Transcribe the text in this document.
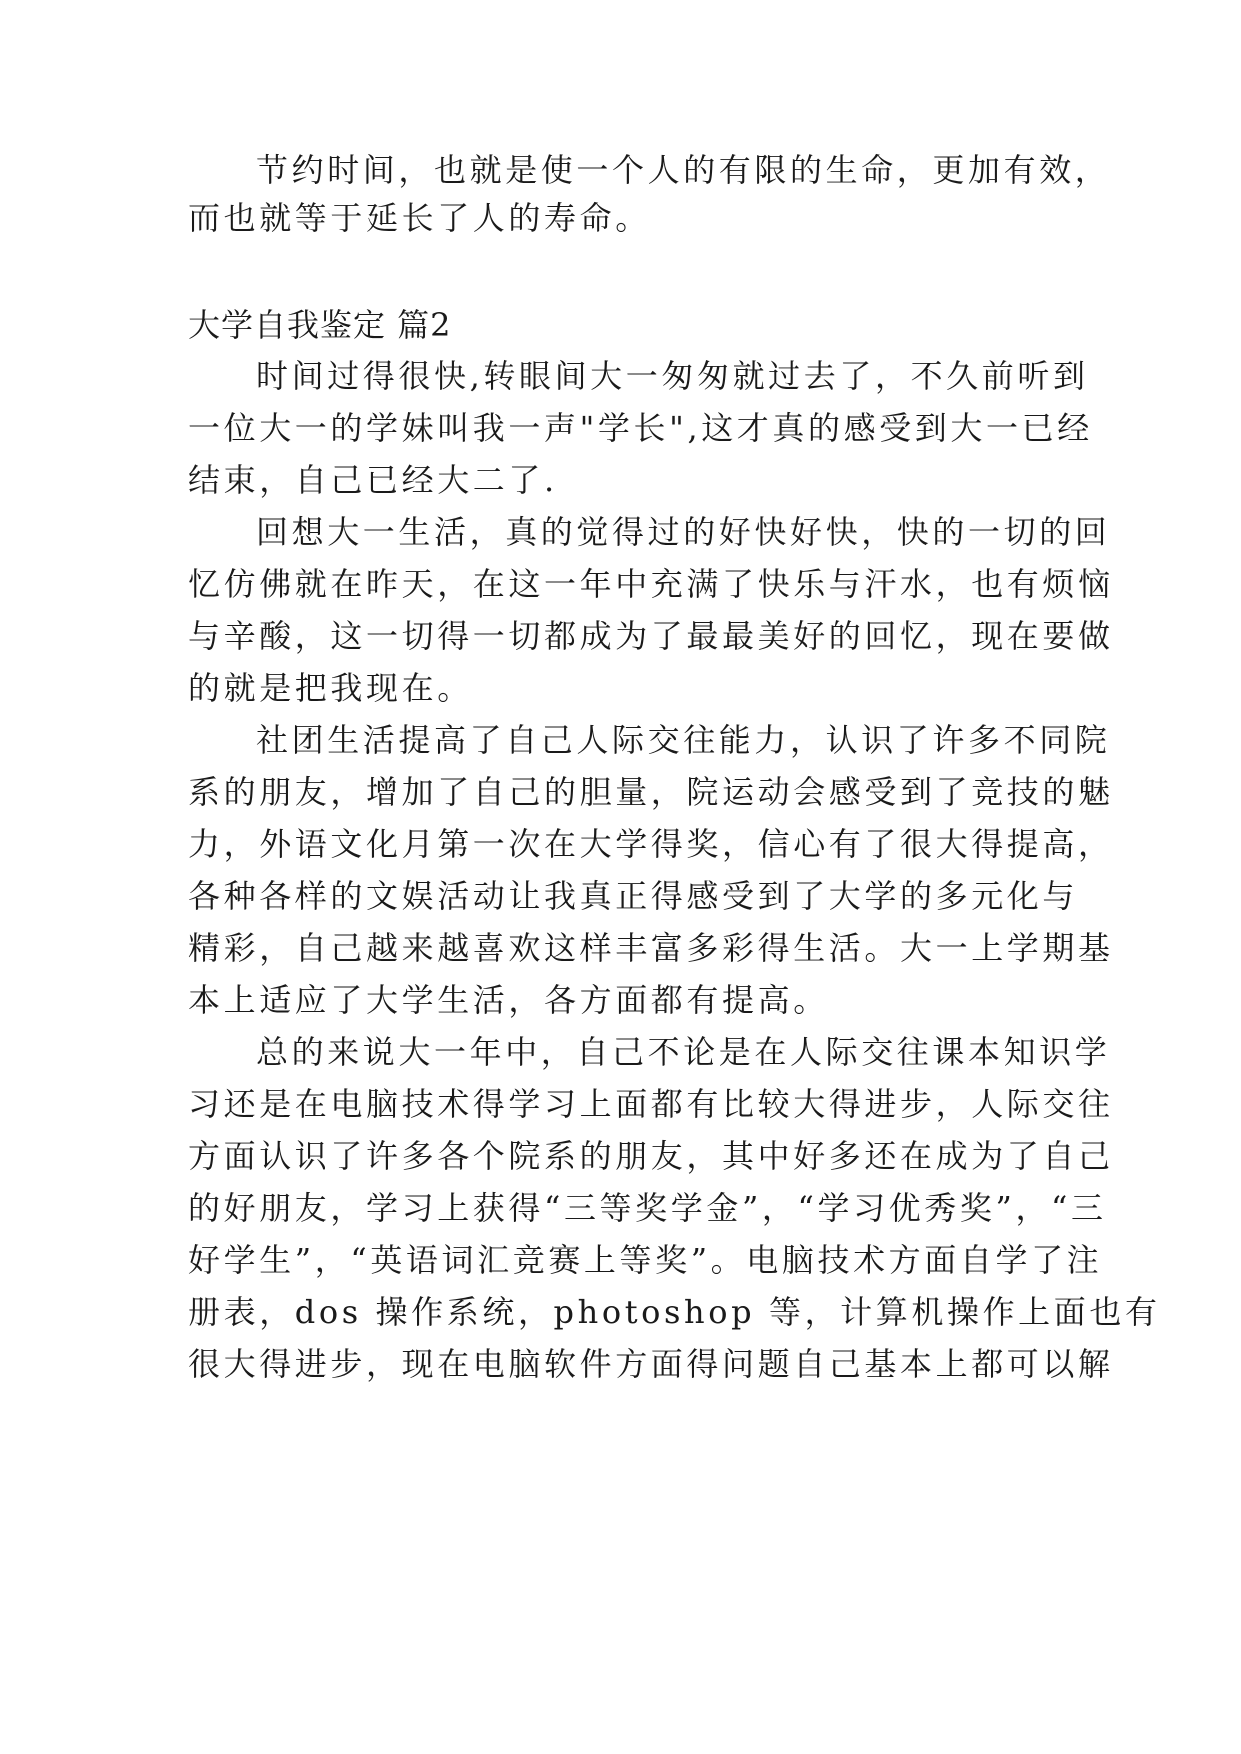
节约时间，也就是使一个人的有限的生命，更加有效，
而也就等于延长了人的寿命。
大学自我鉴定 篇2
时间过得很快,转眼间大一匆匆就过去了，不久前听到
一位大一的学妹叫我一声"学长",这才真的感受到大一已经
结束，自己已经大二了.
回想大一生活，真的觉得过的好快好快，快的一切的回
忆仿佛就在昨天，在这一年中充满了快乐与汗水，也有烦恼
与辛酸，这一切得一切都成为了最最美好的回忆，现在要做
的就是把我现在。
社团生活提高了自己人际交往能力，认识了许多不同院
系的朋友，增加了自己的胆量，院运动会感受到了竞技的魅
力，外语文化月第一次在大学得奖，信心有了很大得提高，
各种各样的文娱活动让我真正得感受到了大学的多元化与
精彩，自己越来越喜欢这样丰富多彩得生活。大一上学期基
本上适应了大学生活，各方面都有提高。
总的来说大一年中，自己不论是在人际交往课本知识学
习还是在电脑技术得学习上面都有比较大得进步，人际交往
方面认识了许多各个院系的朋友，其中好多还在成为了自己
的好朋友，学习上获得“三等奖学金”，“学习优秀奖”，“三
好学生”，“英语词汇竞赛上等奖”。电脑技术方面自学了注
册表，dos 操作系统，photoshop 等，计算机操作上面也有
很大得进步，现在电脑软件方面得问题自己基本上都可以解
